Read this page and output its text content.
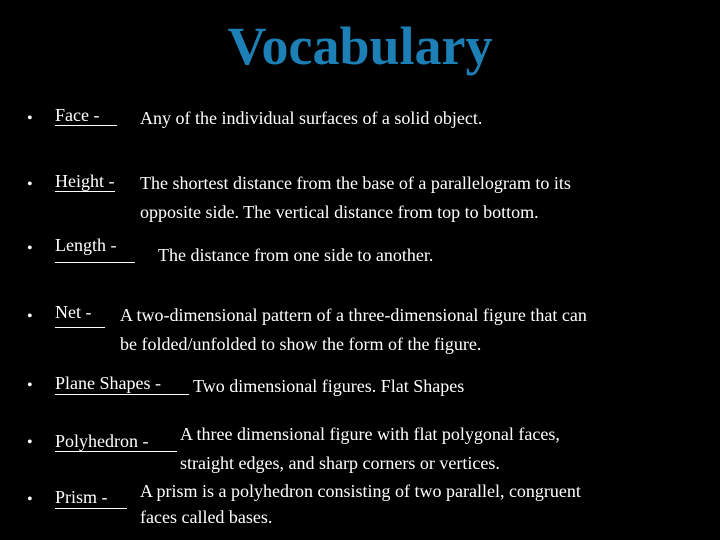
Vocabulary
• Face - Any of the individual surfaces of a solid object.
• Height - The shortest distance from the base of a parallelogram to its
opposite side. The vertical distance from top to bottom.
• Length - The distance from one side to another.
• Net - A two-dimensional pattern of a three-dimensional figure that can
be folded/unfolded to show the form of the figure.
• Plane Shapes - Two dimensional figures. Flat Shapes
• Polyhedron - A three dimensional figure with flat polygonal faces,
straight edges, and sharp corners or vertices.
• Prism - A prism is a polyhedron consisting of two parallel, congruent
faces called bases.
